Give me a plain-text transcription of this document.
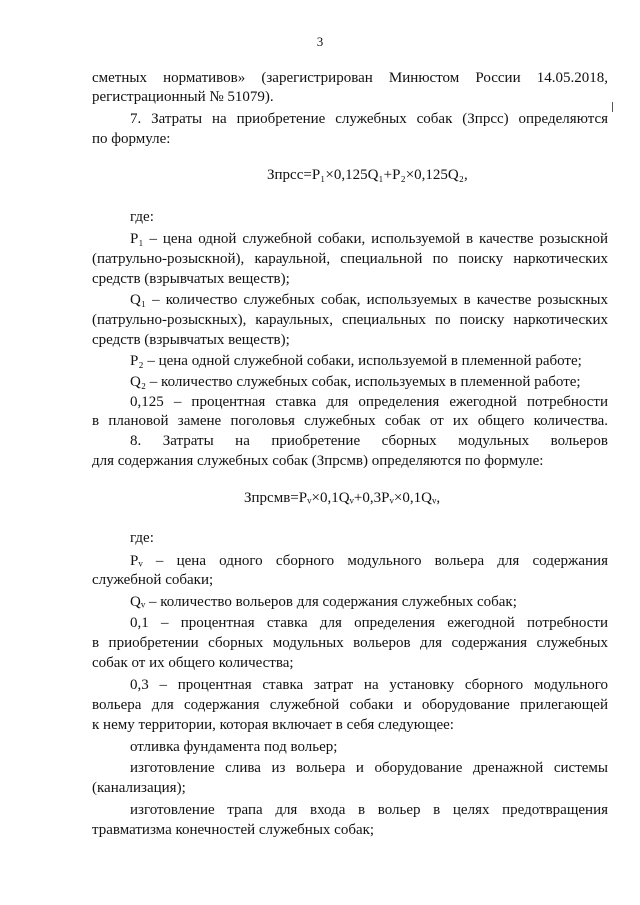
3
сметных нормативов» (зарегистрирован Минюстом России 14.05.2018,
регистрационный № 51079).
7. Затраты на приобретение служебных собак (Зпрсс) определяются
по формуле:
Зпрсс=P₁×0,125Q₁+P₂×0,125Q₂,
где:
P₁ – цена одной служебной собаки, используемой в качестве розыскной
(патрульно-розыскной), караульной, специальной по поиску наркотических
средств (взрывчатых веществ);
Q₁ – количество служебных собак, используемых в качестве розыскных
(патрульно-розыскных), караульных, специальных по поиску наркотических
средств (взрывчатых веществ);
P₂ – цена одной служебной собаки, используемой в племенной работе;
Q₂ – количество служебных собак, используемых в племенной работе;
0,125 – процентная ставка для определения ежегодной потребности
в плановой замене поголовья служебных собак от их общего количества.
8. Затраты на приобретение сборных модульных вольеров
для содержания служебных собак (Зпрсмв) определяются по формуле:
Зпрсмв=Pᵥ×0,1Qᵥ+0,3Pᵥ×0,1Qᵥ,
где:
Pᵥ – цена одного сборного модульного вольера для содержания
служебной собаки;
Qᵥ – количество вольеров для содержания служебных собак;
0,1 – процентная ставка для определения ежегодной потребности
в приобретении сборных модульных вольеров для содержания служебных
собак от их общего количества;
0,3 – процентная ставка затрат на установку сборного модульного
вольера для содержания служебной собаки и оборудование прилегающей
к нему территории, которая включает в себя следующее:
отливка фундамента под вольер;
изготовление слива из вольера и оборудование дренажной системы
(канализация);
изготовление трапа для входа в вольер в целях предотвращения
травматизма конечностей служебных собак;
